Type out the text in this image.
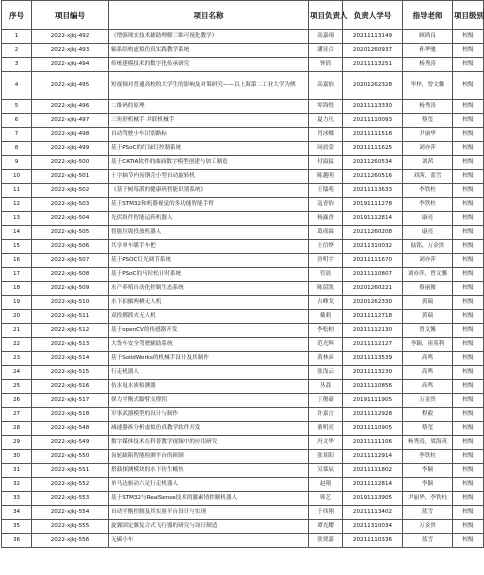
序号	项目编号	项目名称	项目负责人	负责人学号	指导老师	项目级别
1	2022-xjkj-492	《增强现实技术辅助理解三维可视化教学》	高嘉翊	20211113149	顾鸿良	校级
2	2022-xjkj-493	轴系结构虚拟仿真实践教学系统	潘显合	20201260937	孙华驰	校级
3	2022-xjkj-494	传统建模技术的数字化传承研究	钟倩	20211113251	杨秀涛	校级
4	2022-xjkj-495	短视频对普通高校的大学生的影响及对策研究——以上海第二工业大学为例	高嘉怡	20201262328	毕梓，曾文馨	校级
5	2022-xjkj-496	二维码的原理	零海悦	20211113330	杨秀涛	校级
6	2022-xjkj-497	三角形机械手 并联机械手	夏力凡	20211110093	蔡玺	校级
7	2022-xjkj-498	自动驾驶小车识别路标	肖冰娜	20211111518	尹丽华	校级
8	2022-xjkj-499	基于PSoC的红绿灯控制系统	同晨蓥	20211111625	刘亦萍	校级
9	2022-xjkj-500	基于CATIA软件的曲面数字模型创建与加工制造	付溢猛	20211260534	刘茜	校级
10	2022-xjkj-501	十字轴节内齿钢壳小型自动旋转机	陈越明	20211260516	刘茜，蓝雪	校级
11	2022-xjkj-502	《基于树莓派的健康码智能识别系统》	王镭苑	20211113633	李铁柱	校级
12	2022-xjkj-503	基于STM32和机器视觉的多功能智能手臂	寇香怡	20191111278	李铁柱	校级
13	2022-xjkj-504	光伏组件智能运药机器人	杨露香	20191112814	康亮	校级
14	2022-xjkj-505	智能垃圾投放机器人	葛成霖	20211260208	康亮	校级
15	2022-xjkj-506	共享单车暖手车把	王信烨	20211310032	陆铭，万金贵	校级
16	2022-xjkj-507	基于PSOC灯光调节系统	房明宇	20211111670	刘亦萍	校级
17	2022-xjkj-508	基于PSoC的马拉松计时系统	管晨	20211110807	刘亦萍，曾文馨	校级
18	2022-xjkj-509	水产养殖自动化控制生态系统	陈留凯	20201260221	蔡丽俊	校级
19	2022-xjkj-510	水下拍摄两栖无人机	占峰戈	20201262330	黄瑞	校级
20	2022-xjkj-511	双投掷抓夹无人机	戴莉	20211112718	黄瑞	校级
21	2022-xjkj-512	基于openCV的传感器开发	李松柏	20211112130	曾文馨	校级
22	2022-xjkj-513	大货车安全驾驶辅助系统	范光辉	20211112127	李颖，祖英利	校级
23	2022-xjkj-514	基于SolidWorks的机械手设计及其制作	黄林彦	20211113539	高鸣	校级
24	2022-xjkj-515	行走机器人	张浅云	20211113230	高鸣	校级
25	2022-xjkj-516	仿水黾水质检测器	丛荔	20211110856	高鸣	校级
26	2022-xjkj-517	弹力平衡式脚臂支撑拐	丁俊豪	20191111905	万金贵	校级
27	2022-xjkj-518	军事武器模型的设计与制作	许嘉言	20211112928	程毅	校级
28	2022-xjkj-548	减速器拆分析虚拟仿真教学软件开发	董明亮	20211110905	蔡玺	校级
29	2022-xjkj-549	数字媒体技术在科普教学视频中的应用研究	冯文华	20211111106	杨秀涛，梁海英	校级
30	2022-xjkj-550	齿轮缺陷智能检测平台的研制	张景阳	20211112914	李铁柱	校级
31	2022-xjkj-551	搭载探测模块的水下仿生鳐鱼	吴慕辰	20211111802	李颖	校级
32	2022-xjkj-552	单马达驱动六足行走机器人	赵翔	20211112814	李颖	校级
33	2022-xjkj-553	基于STM32与RealSense技术的激素情控制机器人	韩艺	20191113905	尹丽华，李铁柱	校级
34	2022-xjkj-554	自动平衡控制及其实验平台设计与实现	于伟翔	20211113402	蓝雪	校级
35	2022-xjkj-555	旋翼固定翼复合式飞行器的研究与设计制造	谭光耀	20211310034	万金贵	校级
36	2022-xjkj-556	无碳小车	张贾嘉	20211110336	蓝雪	校级
